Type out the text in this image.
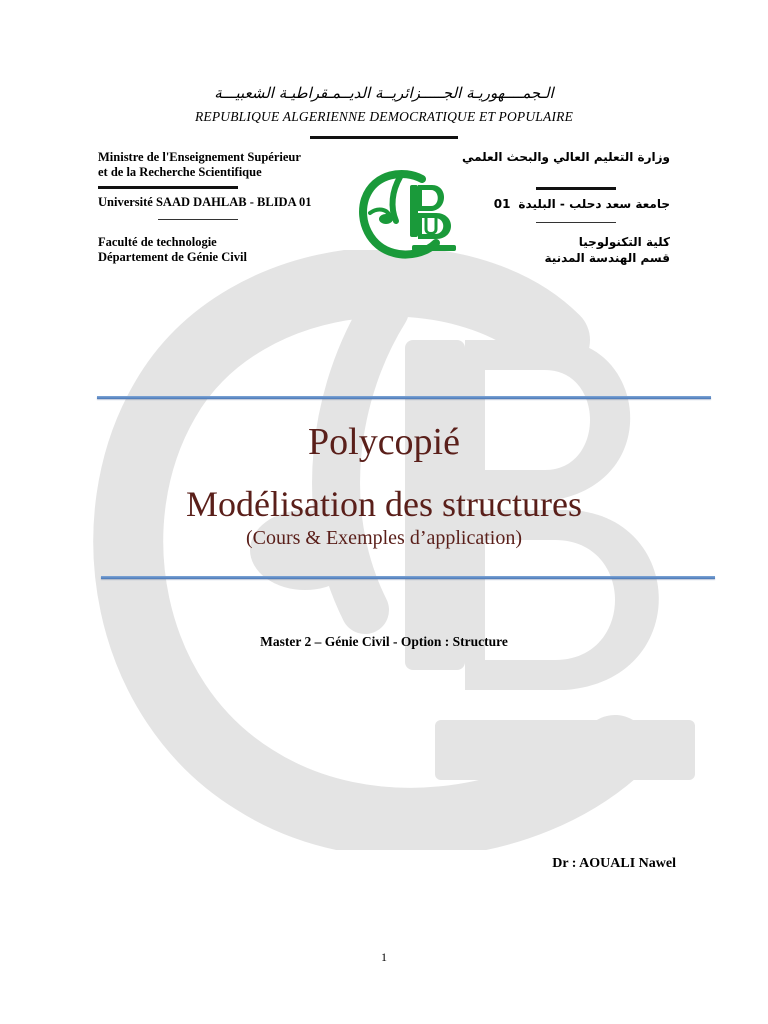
الـجمــــهوريـة الجـــــزائريــة الديــمـقراطيـة الشعبيـــة
REPUBLIQUE ALGERIENNE DEMOCRATIQUE ET POPULAIRE
Ministre de l'Enseignement Supérieur
et de la Recherche Scientifique
Université SAAD DAHLAB - BLIDA 01
Faculté de technologie
Département de Génie Civil
وزارة التعليم العالي والبحث العلمي
جامعة سعد دحلب - البليدة01
كلية التكنولوجيا
قسم الهندسة المدنية
Polycopié
Modélisation des structures
(Cours & Exemples d’application)
Master 2 – Génie Civil - Option : Structure
Dr : AOUALI Nawel
1
